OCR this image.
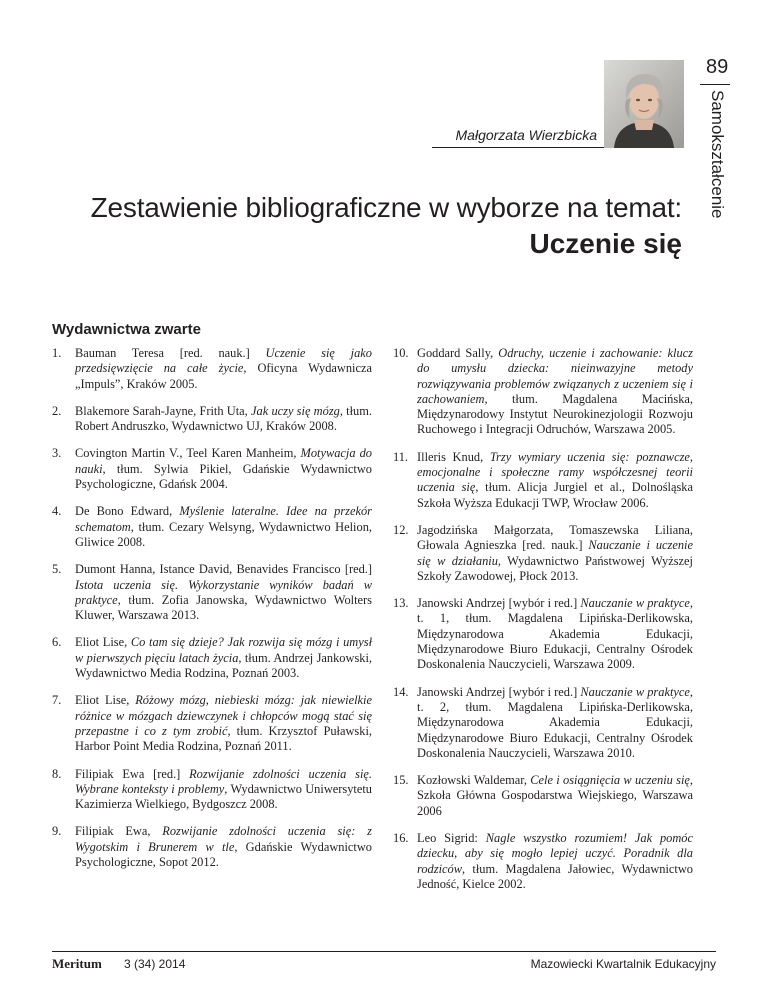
89
Samokształcenie
Małgorzata Wierzbicka
Zestawienie bibliograficzne w wyborze na temat:
Uczenie się
Wydawnictwa zwarte
1. Bauman Teresa [red. nauk.] Uczenie się jako przedsięwzięcie na całe życie, Oficyna Wydawnicza „Impuls”, Kraków 2005.
2. Blakemore Sarah-Jayne, Frith Uta, Jak uczy się mózg, tłum. Robert Andruszko, Wydawnictwo UJ, Kraków 2008.
3. Covington Martin V., Teel Karen Manheim, Motywacja do nauki, tłum. Sylwia Pikiel, Gdańskie Wydawnictwo Psychologiczne, Gdańsk 2004.
4. De Bono Edward, Myślenie lateralne. Idee na przekór schematom, tłum. Cezary Welsyng, Wydawnictwo Helion, Gliwice 2008.
5. Dumont Hanna, Istance David, Benavides Francisco [red.] Istota uczenia się. Wykorzystanie wyników badań w praktyce, tłum. Zofia Janowska, Wydawnictwo Wolters Kluwer, Warszawa 2013.
6. Eliot Lise, Co tam się dzieje? Jak rozwija się mózg i umysł w pierwszych pięciu latach życia, tłum. Andrzej Jankowski, Wydawnictwo Media Rodzina, Poznań 2003.
7. Eliot Lise, Różowy mózg, niebieski mózg: jak niewielkie różnice w mózgach dziewczynek i chłopców mogą stać się przepastne i co z tym zrobić, tłum. Krzysztof Puławski, Harbor Point Media Rodzina, Poznań 2011.
8. Filipiak Ewa [red.] Rozwijanie zdolności uczenia się. Wybrane konteksty i problemy, Wydawnictwo Uniwersytetu Kazimierza Wielkiego, Bydgoszcz 2008.
9. Filipiak Ewa, Rozwijanie zdolności uczenia się: z Wygotskim i Brunerem w tle, Gdańskie Wydawnictwo Psychologiczne, Sopot 2012.
10. Goddard Sally, Odruchy, uczenie i zachowanie: klucz do umysłu dziecka: nieinwazyjne metody rozwiązywania problemów związanych z uczeniem się i zachowaniem, tłum. Magdalena Macińska, Międzynarodowy Instytut Neurokinezjologii Rozwoju Ruchowego i Integracji Odruchów, Warszawa 2005.
11. Illeris Knud, Trzy wymiary uczenia się: poznawcze, emocjonalne i społeczne ramy współczesnej teorii uczenia się, tłum. Alicja Jurgiel et al., Dolnośląska Szkoła Wyższa Edukacji TWP, Wrocław 2006.
12. Jagodzińska Małgorzata, Tomaszewska Liliana, Głowala Agnieszka [red. nauk.] Nauczanie i uczenie się w działaniu, Wydawnictwo Państwowej Wyższej Szkoły Zawodowej, Płock 2013.
13. Janowski Andrzej [wybór i red.] Nauczanie w praktyce, t. 1, tłum. Magdalena Lipińska-Derlikowska, Międzynarodowa Akademia Edukacji, Międzynarodowe Biuro Edukacji, Centralny Ośrodek Doskonalenia Nauczycieli, Warszawa 2009.
14. Janowski Andrzej [wybór i red.] Nauczanie w praktyce, t. 2, tłum. Magdalena Lipińska-Derlikowska, Międzynarodowa Akademia Edukacji, Międzynarodowe Biuro Edukacji, Centralny Ośrodek Doskonalenia Nauczycieli, Warszawa 2010.
15. Kozłowski Waldemar, Cele i osiągnięcia w uczeniu się, Szkoła Główna Gospodarstwa Wiejskiego, Warszawa 2006
16. Leo Sigrid: Nagle wszystko rozumiem! Jak pomóc dziecku, aby się mogło lepiej uczyć. Poradnik dla rodziców, tłum. Magdalena Jałowiec, Wydawnictwo Jedność, Kielce 2002.
Meritum 3 (34) 2014	Mazowiecki Kwartalnik Edukacyjny
